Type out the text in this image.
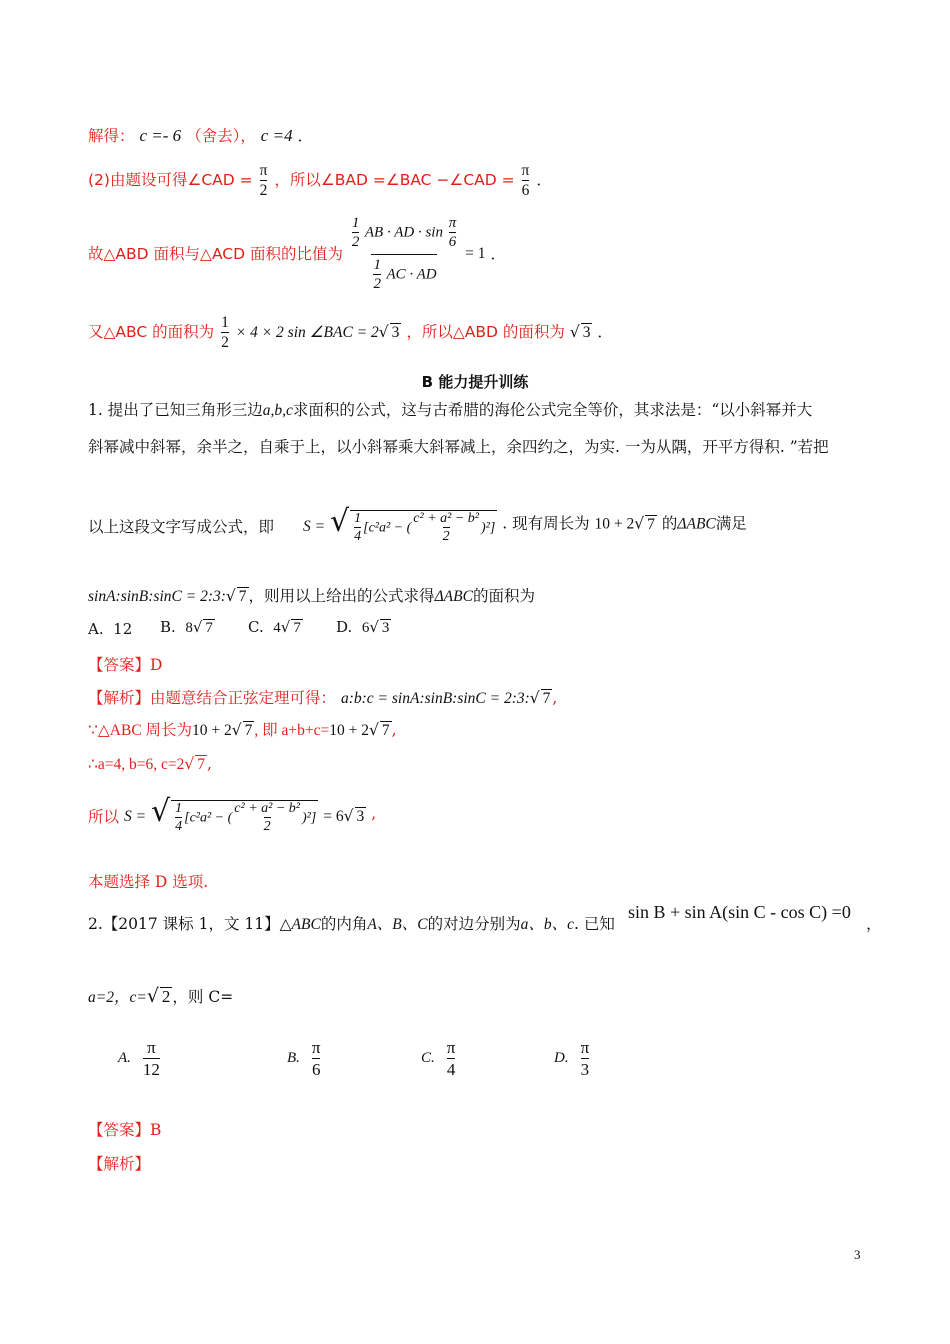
解得： c =- 6 （舍去）， c =4 ．
(2)由题设可得∠CAD = $\frac{\pi}{2}$ ，所以∠BAD =∠BAC −∠CAD = $\frac{\pi}{6}$ ．
故△ABD 面积与△ACD 面积的比值为 $\frac{\frac{1}{2} AB \cdot AD \cdot \sin \frac{\pi}{6}}{\frac{1}{2} AC \cdot AD} = 1$ ．
又△ABC 的面积为 $\frac{1}{2} \times 4 \times 2$ sin ∠BAC = 2√ 3 ，所以△ABD 的面积为 √ 3 ．
B 能力提升训练
1. 提出了已知三角形三边a,b,c求面积的公式，这与古希腊的海伦公式完全等价，其求法是：“以小斜幂并大
斜幂减中斜幂，余半之，自乘于上，以小斜幂乘大斜幂减上，余四约之，为实. 一为从隅，开平方得积. ”若把
以上这段文字写成公式，即 S = √ $\frac{1}{4} [c^2a^2$ − ( $\frac{\text{c² + a² − b²}}{2} )^2$] . 现有周长为 10 + 2√ 7 的ΔABC满足
sinA:sinB:sinC = 2:3:√ 7 ，则用以上给出的公式求得ΔABC的面积为
A. 12 B. 8√ 7 C. 4√ 7 D. 6√ 3
【答案】D
【解析】由题意结合正弦定理可得： a:b:c = sinA:sinB:sinC = 2:3:√ 7 ,
∵△ABC 周长为10 + 2√ 7 , 即 a+b+c=10 + 2√ 7 ,
∴a=4, b=6, c=2√ 7 ,
所以 S = √ $\frac{1}{4} [c^2a^2$ − ( $\frac{\text{c² + a² − b²}}{2} )^2] = 6√$ 3 ,
本题选择 D 选项.
2.【2017 课标 1，文 11】△ABC的内角A、B、C的对边分别为a、b、c. 已知
sin B + sin A(sin C - cos C) =0
，
a=2，c=√ 2 ，则 C=
A. $\frac{\pi}{12}$	B. $\frac{\pi}{6}$	C. $\frac{\pi}{4}$	D. $\frac{\pi}{3}$
【答案】B
【解析】
3
